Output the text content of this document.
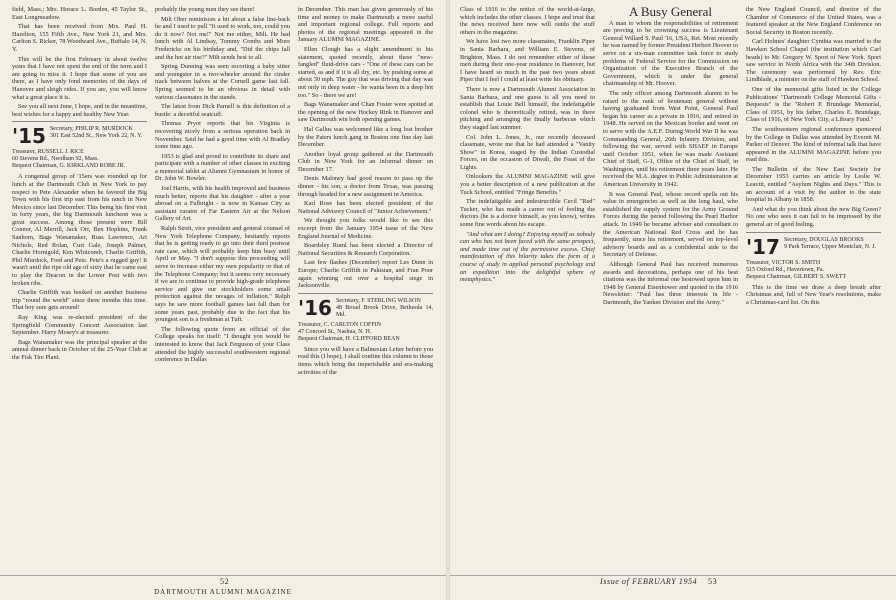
field, Mass.; Mrs. Horace L. Borden, 45 Taylor St., East Longmeadow.

That has been received from Mrs. Paul H. Hazelton, 155 Fifth Ave., New York 21, and Mrs. Carlton S. Ricker, 78 Woodward Ave., Buffalo 14, N. Y.

This will be the first February in about twelve years that I have not spent the end of the term and I am going to miss it. I hope that some of you are there, as I have only fond memories of the days of Hanover and sleigh rides. If you are, you will know what a great place it is.

See you all next June, I hope, and in the meantime, best wishes for a happy and healthy New Year.

'15 Secretary, PHILIP R. MURDOCK
301 East 52nd St., New York 22, N. Y.
Treasurer, RUSSELL J. RICE
60 Stevens Rd., Needham 92, Mass.
Bequest Chairman, G. KIRKLAND ROBE JR.

A congenial group of '15ers was rounded up for lunch at the Dartmouth Club in New York to pay respect to Pete Alexander when he favored the Big Town with his first trip east from his ranch in New Mexico since last December. This being his first visit in forty years, the big Dartmouth luncheon was a great success. Among those present were Bill Connor, Al Merrill, Jack Orr, Ben Hopkins, Frank Sanborn, Bags Wanamaker, Russ Lawrence, Art Nichols, Red Rolan, Curt Gale, Joseph Palmer, Charlie Hornigold, Ken Whitcomb, Charlie Griffith, Phil Murdock, Fred and Pete. Pete's a rugged guy! It wasn't until the ripe old age of sixty that he came east to play the Deacon in the Lower Post with two broken ribs.

Charlie Griffith was hooked on another business trip "round the world" since three months this time. That boy sure gets around!

Ray King was re-elected president of the Springfield Community Concert Association last September. Harry Mosey's at treasurer.

Bags Wanamaker was the principal speaker at the annual dinner back in October of the 25-Year Club at the Fisk Tire Plant.

probably the young men they see there!

Milt Ober reminisces a bit about a false line-back he and I used to pull "It used to work, too, could you do it now? Not me!" Not me either, Milt. He had lunch with Al Lindsay, Tommy Combs and More Fredericks on his birthday and, "Did the chips fall and the hot air rise?" Milt sends best to all.

Spring Dunning was seen escorting a baby sitter and youngster in a two-wheeler around the cinder track between halves at the Cornell game last fall. Spring seemed to be an obvious in detail with various classmates in the stands.

The latest from Dick Parnell is this definition of a bustle: a deceitful seatcuff.

Thomas Pryor reports that his Virginia is recovering nicely from a serious operation back in November. Said he had a good time with Al Bradley some time ago.

1953 is glad and proud to contribute its share and participate with a number of other classes in exciting a memorial tablet at Alumni Gymnasium in honor of Dr. John W. Bowler.

Joel Harris, with his health improved and business much better, reports that his daughter - after a year abroad on a Fulbright - is now in Kansas City as assistant curator of Far Eastern Art at the Nelson Gallery of Art.

Ralph Streit, vice president and general counsel of New York Telephone Company, hesitantly reports that he is getting ready to go into their third postwar rate case, which will probably keep him busy until April or May. "I don't suppose this proceeding will serve to increase either my own popularity or that of the Telephone Company; but it seems very necessary if we are to continue to provide high-grade telephone service and give our stockholders some small protection against the ravages of inflation." Ralph says he saw more football games last fall than for some years past, probably due to the fact that his youngest son is a freshman at Tuft.

The following quote from an official of the College speaks for itself: "I thought you would be interested to know that Jack Ferguson of your Class attended the highly successful southwestern regional conference in Dallas

in December. This man has given generously of his time and money to make Dartmouth a more useful and important regional college. Full reports and photos of the regional meetings appeared in the January ALUMNI MAGAZINE.

Ellen Clough has a slight amendment to his statement, quoted recently, about these "new-fangled" fluid-drive cars - "One of these cars can be started, as and if it is all dry, etc. by pushing some at about 30 mph. The guy that was driving that day was not only in deep water - he wanta been in a deep hot too." So - there we are!

Bags Wanamaker and Chan Foster were spotted at the opening of the new Hockey Rink in Hanover and saw Dartmouth win both opening games.

Hal Gallus was welcomed like a long lost brother by the Paters lunch gang in Boston one fine day last December.

Another loyal group gathered at the Dartmouth Club in New York for an informal dinner on December 17.

Denis Maloney had good reason to pass up the dinner - his son, a doctor from Texas, was passing through headed for a new assignment in America.

Karl Rose has been elected president of the National Advisory Council of "Junior Achievement."

We thought you folks would like to see this excerpt from the January 1954 issue of the New England Journal of Medicine.

Boardsley Ruml has been elected a Director of National Securities & Research Corporation.

Last few flashes (December) report Les Dunn in Europe; Charlie Griffith in Pakistan, and Fran Poor again winning out over a hospital siege in Jacksonville.

'16 Secretary, F. STERLING WILSON
48 Broad Brook Drive, Bethesda 14, Md.
Treasurer, C. CARLTON COFFIN
47 Concord St., Nashua, N. H.
Bequest Chairman, H. CLIFFORD BEAN

Since you will have a Balinesian Letter before you read this (I hope), I shall confine this column to those items which bring the imperishable and era-making activities of the

52
DARTMOUTH ALUMNI MAGAZINE

Class of 1916 to the notice of the world-at-large, which includes the other classes. I hope and trust that the news received here now will outdo the stuff others in the magazine.

We have lost two more classmates, Franklin Piper in Santa Barbara, and William E. Stevens, of Brighton, Mass. I do not remember either of these men during their one-year residence in Hanover, but I have heard so much in the past two years about Piper that I feel I could at least write his obituary.

There is now a Dartmouth Alumni Association in Santa Barbara, and one guess is all you need to establish that Louie Bell himself, the indefatigable colonel who is theoretically retired, was in there pitching and arranging the finally barbecue which they staged last summer.

Col. John L. Jones, Jr., our recently deceased classmate, wrote me that he had attended a "Vanity Show" in Korea, staged by the Indian Custodial Forces, on the occasion of Diwali, the Feast of the Lights.

Onlookers the ALUMNI MAGAZINE will give you a better description of a new publication at the Tuck School, entitled "Fringe Benefits."

The indefatigable and indestructible Cecil "Red" Tucker, who has made a career out of fooling the doctors (he is a doctor himself, as you know), writes some fine words about his escape.

"And what am I doing? Enjoying myself as nobody can who has not been faced with the same prospect, and made time out of the permissive excess. Chief manifestation of this hilarity takes the form of a course of study in applied personal psychology and an expedition into the delightful sphere of metaphysics."

A Busy General

A man to whom the responsibilities of retirement are proving to be crowning success is Lieutenant General Willard S. Paul '16, USA, Ret. Most recently he was named by former President Herbert Hoover to serve on a six-man committee task force to study problems of Federal Service for the Commission on Organization of the Executive Branch of the Government, which is under the general chairmanship of Mr. Hoover.

The only officer among Dartmouth alumni to be raised to the rank of lieutenant general without having graduated from West Point, General Paul began his career as a private in 1916, and retired in 1948. He served on the Mexican border and went on to serve with the A.E.F. During World War II he was Commanding General, 26th Infantry Division, and following the war, served with SHAEF in Europe until October 1951, when he was made Assistant Chief of Staff, G-1, Office of the Chief of Staff, in Washington, until his retirement three years later. He received the M.A. degree in Public Administration at American University in 1942.

It was General Paul, whose record spells out his value in emergencies as well as the long haul, who established the supply system for the Army Ground Forces during the period following the Pearl Harbor attack. In 1949 he became adviser and consultant to the American National Red Cross and he has frequently, since his retirement, served on top-level advisory boards and as a confidential aide to the Secretary of Defense.

Although General Paul has received numerous awards and decorations, perhaps one of his best citations was the informal one bestowed upon him in 1948 by General Eisenhower and quoted in the 1916 Newsletter: "Paul has three interests in life - Dartmouth, the Yankee Division and the Army."

the New England Council, and director of the Chamber of Commerce of the United States, was a featured speaker at the New England Conference on Social Security in Boston recently.

Carl Holmes' daughter Cynthia was married to the Hawken School Chapel (the institution which Carl heads) to Mr. Gregory W. Sport of New York. Sport saw service in North Africa with the 34th Division. The ceremony was performed by Rev. Eric Lindblade, a minister on the staff of Hawken School.

One of the memorial gifts listed in the College Publications' "Dartmouth College Memorial Gifts - Bequests" is the "Robert P. Brundage Memorial, Class of 1951, by his father, Charles E. Brundage, Class of 1916, of New York City, a Library Fund."

The southwestern regional conference sponsored by the College in Dallas was attended by Everett M. Parker of Denver. The kind of informal talk that have appeared in the ALUMNI MAGAZINE before you read this.

The Bulletin of the New East Society for December 1953 carries an article by Leslie W. Leavitt, entitled "Asylum Nights and Days." This is an account of a visit by the author to the state hospital in Albany in 1858.

And what do you think about the new Big Green? No one who sees it can fail to be impressed by the general air of good feeling.

'17 Secretary, DOUGLAS BROOKS
9 Park Terrace, Upper Montclair, N. J.
Treasurer, VICTOR S. SMITH
515 Oxford Rd., Havertown, Pa.
Bequest Chairman, GILBERT S. SWETT

This is the time we draw a deep breath after Christmas and, full of New Year's resolutions, make a Christmas-card list. On this

Issue of FEBRUARY 1954 53
